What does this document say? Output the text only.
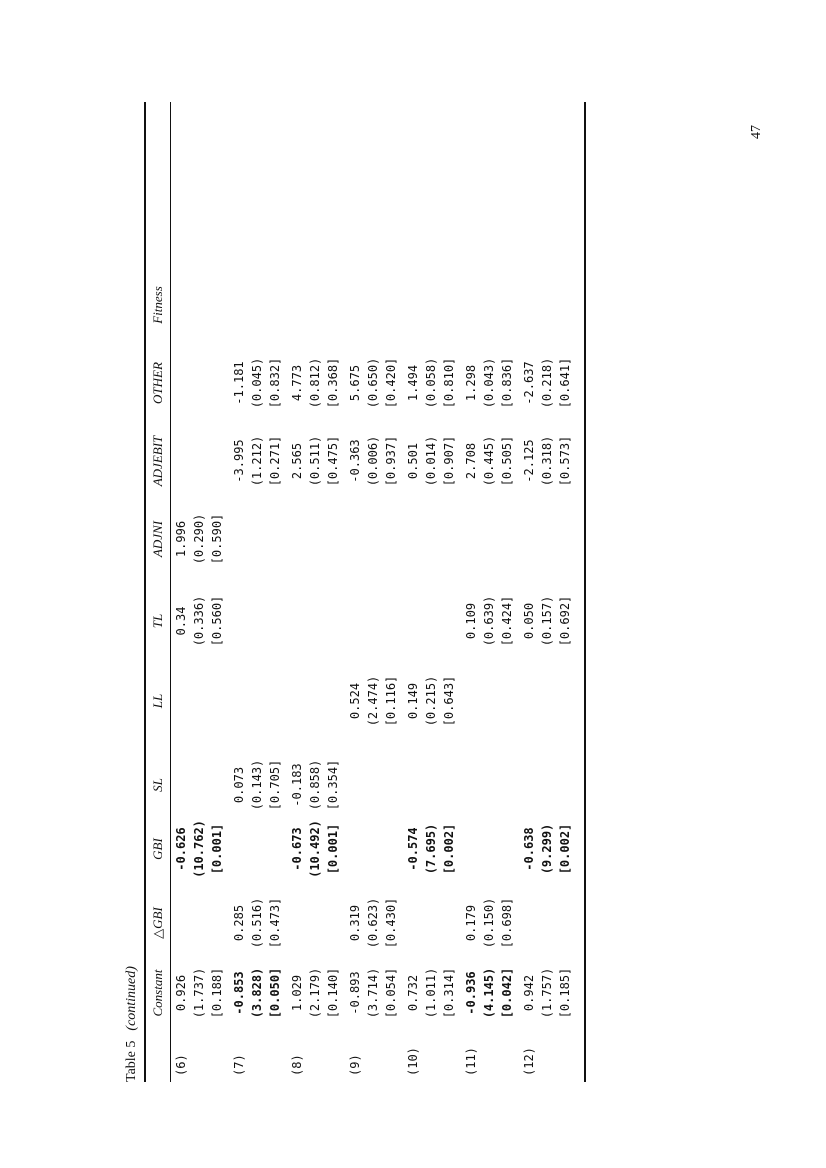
47
Table 5(continued) Constant
△GBI
GBI
SL
LL
TL
ADJNI
ADJEBIT
OTHER
Fitness
(6)
0.926 (1.737) [0.188]
-0.626 (10.762) [0.001]
0.34 (0.336) [0.560]
1.996 (0.290) [0.590]
(7)
-0.853 (3.828) [0.050]
0.285 (0.516) [0.473]
0.073 (0.143) [0.705]
-3.995 (1.212) [0.271]
-1.181 (0.045) [0.832]
(8)
1.029 (2.179) [0.140]
-0.673 (10.492) [0.001]
-0.183 (0.858) [0.354]
2.565 (0.511) [0.475]
4.773 (0.812) [0.368]
(9)
-0.893 (3.714) [0.054]
0.319 (0.623) [0.430]
0.524 (2.474) [0.116]
-0.363 (0.006) [0.937]
5.675 (0.650) [0.420]
(10)
0.732 (1.011) [0.314]
-0.574 (7.695) [0.002]
0.149 (0.215) [0.643]
0.501 (0.014) [0.907]
1.494 (0.058) [0.810]
(11)
-0.936 (4.145) [0.042]
0.179 (0.150) [0.698]
0.109 (0.639) [0.424]
2.708 (0.445) [0.505]
1.298 (0.043) [0.836]
(12)
0.942 (1.757) [0.185]
-0.638 (9.299) [0.002]
0.050 (0.157) [0.692]
-2.125 (0.318) [0.573]
-2.637 (0.218) [0.641]
